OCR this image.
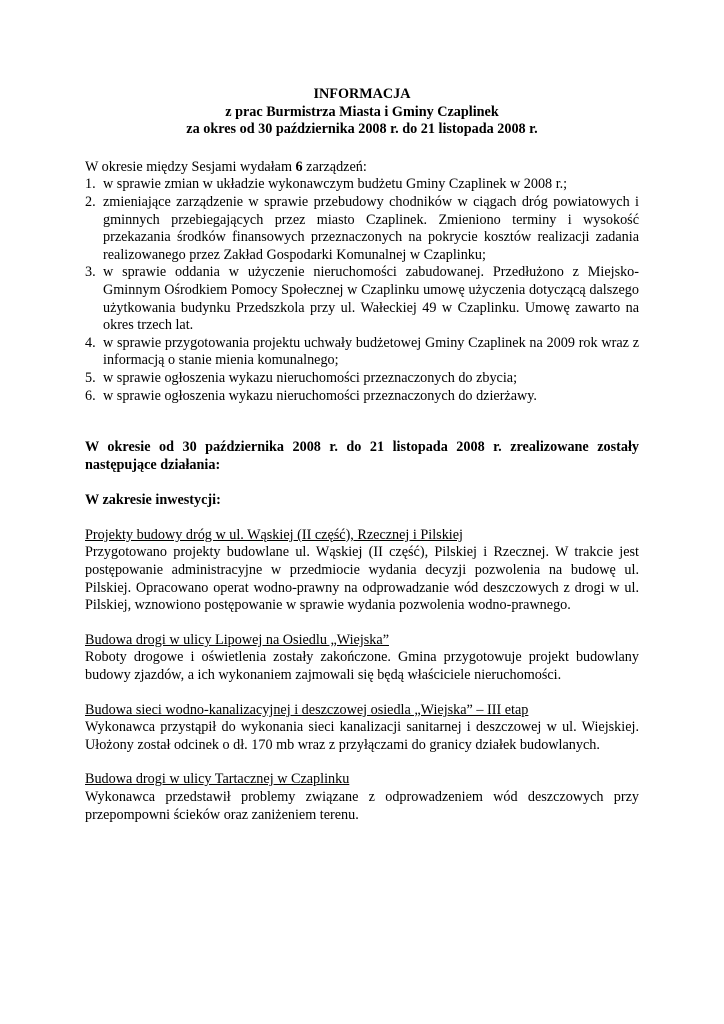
INFORMACJA
z prac Burmistrza Miasta i Gminy Czaplinek
za okres od 30 października 2008 r. do 21 listopada 2008 r.
W okresie między Sesjami wydałam 6 zarządzeń:
1. w sprawie zmian w układzie wykonawczym budżetu Gminy Czaplinek w 2008 r.;
2. zmieniające zarządzenie w sprawie przebudowy chodników w ciągach dróg powiatowych i gminnych przebiegających przez miasto Czaplinek. Zmieniono terminy i wysokość przekazania środków finansowych przeznaczonych na pokrycie kosztów realizacji zadania realizowanego przez Zakład Gospodarki Komunalnej w Czaplinku;
3. w sprawie oddania w użyczenie nieruchomości zabudowanej. Przedłużono z Miejsko-Gminnym Ośrodkiem Pomocy Społecznej w Czaplinku umowę użyczenia dotyczącą dalszego użytkowania budynku Przedszkola przy ul. Wałeckiej 49 w Czaplinku. Umowę zawarto na okres trzech lat.
4. w sprawie przygotowania projektu uchwały budżetowej Gminy Czaplinek na 2009 rok wraz z informacją o stanie mienia komunalnego;
5. w sprawie ogłoszenia wykazu nieruchomości przeznaczonych do zbycia;
6. w sprawie ogłoszenia wykazu nieruchomości przeznaczonych do dzierżawy.
W okresie od 30 października 2008 r. do 21 listopada 2008 r. zrealizowane zostały następujące działania:
W zakresie inwestycji:
Projekty budowy dróg w ul. Wąskiej (II część), Rzecznej i Pilskiej
Przygotowano projekty budowlane ul. Wąskiej (II część), Pilskiej i Rzecznej. W trakcie jest postępowanie administracyjne w przedmiocie wydania decyzji pozwolenia na budowę ul. Pilskiej. Opracowano operat wodno-prawny na odprowadzanie wód deszczowych z drogi w ul. Pilskiej, wznowiono postępowanie w sprawie wydania pozwolenia wodno-prawnego.
Budowa drogi w ulicy Lipowej na Osiedlu „Wiejska”
Roboty drogowe i oświetlenia zostały zakończone. Gmina przygotowuje projekt budowlany budowy zjazdów, a ich wykonaniem zajmowali się będą właściciele nieruchomości.
Budowa sieci wodno-kanalizacyjnej i deszczowej osiedla „Wiejska” – III etap
Wykonawca przystąpił do wykonania sieci kanalizacji sanitarnej i deszczowej w ul. Wiejskiej. Ułożony został odcinek o dł. 170 mb wraz z przyłączami do granicy działek budowlanych.
Budowa drogi w ulicy Tartacznej w Czaplinku
Wykonawca przedstawił problemy związane z odprowadzeniem wód deszczowych przy przepompowni ścieków oraz zaniżeniem terenu.
